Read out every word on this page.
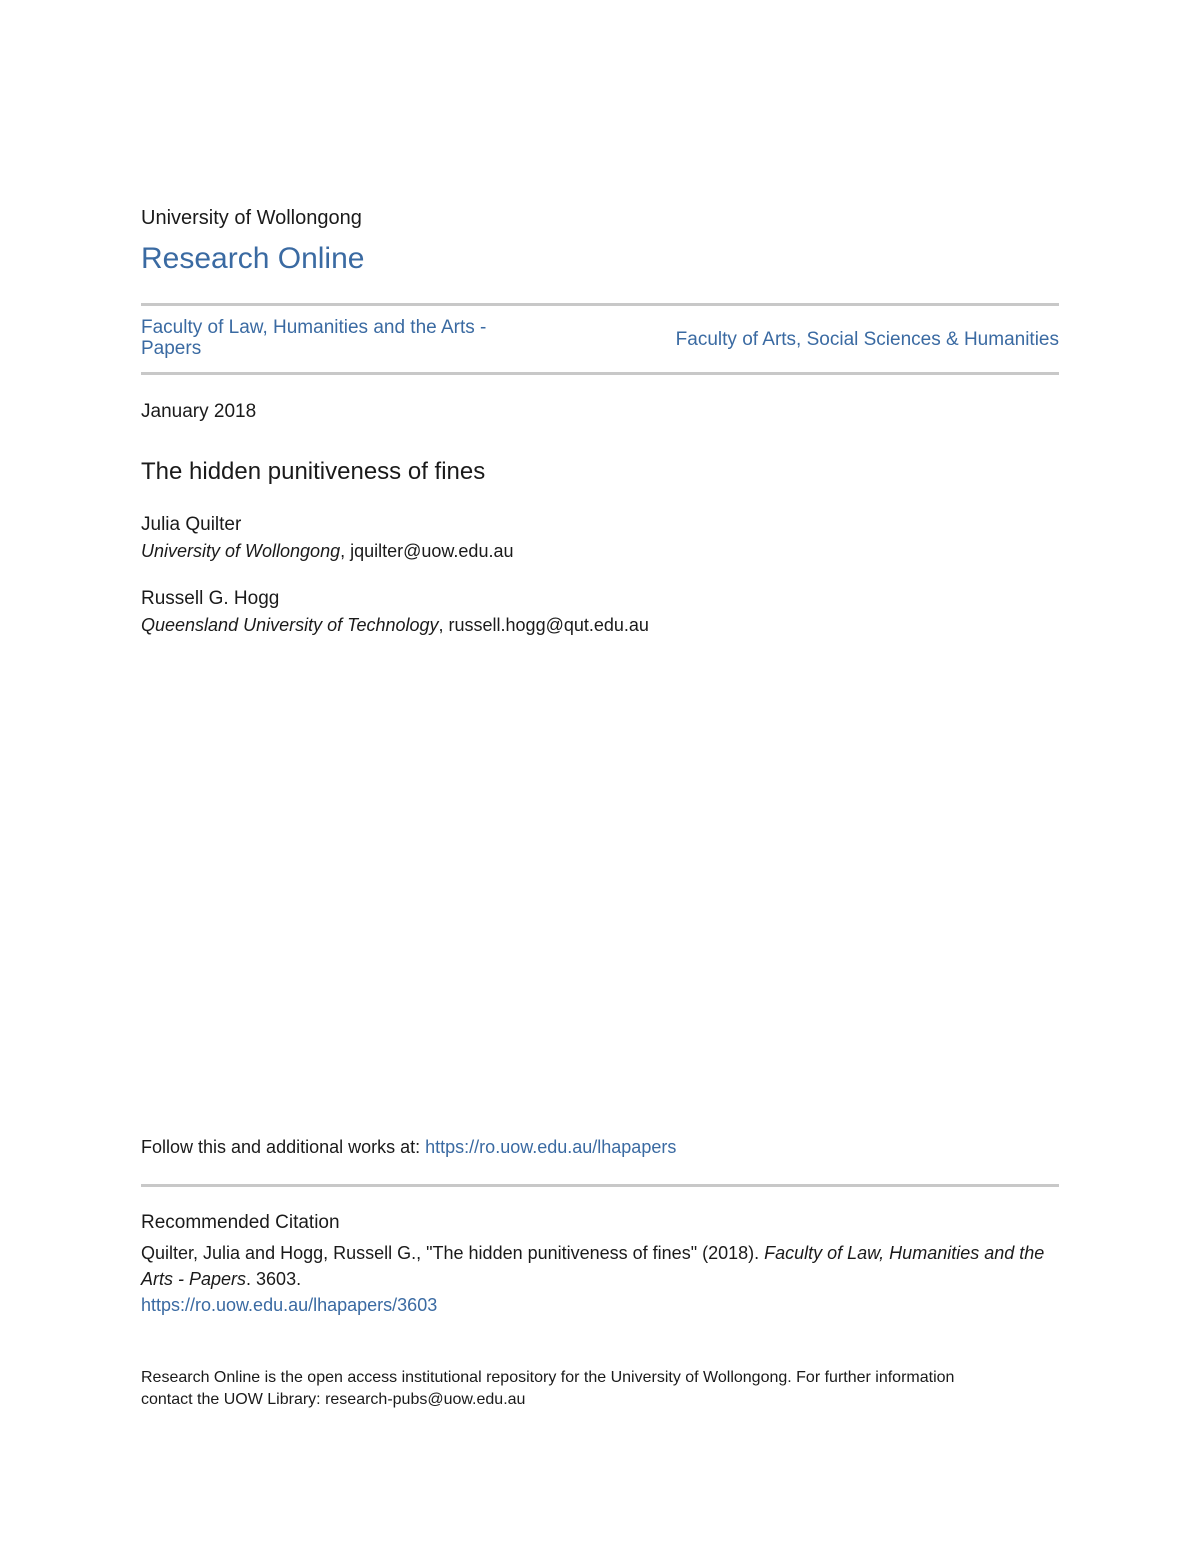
University of Wollongong
Research Online
Faculty of Law, Humanities and the Arts -
Papers	Faculty of Arts, Social Sciences & Humanities
January 2018
The hidden punitiveness of fines
Julia Quilter
University of Wollongong, jquilter@uow.edu.au
Russell G. Hogg
Queensland University of Technology, russell.hogg@qut.edu.au
Follow this and additional works at: https://ro.uow.edu.au/lhapapers
Recommended Citation
Quilter, Julia and Hogg, Russell G., "The hidden punitiveness of fines" (2018). Faculty of Law, Humanities and the Arts - Papers. 3603.
https://ro.uow.edu.au/lhapapers/3603
Research Online is the open access institutional repository for the University of Wollongong. For further information
contact the UOW Library: research-pubs@uow.edu.au
